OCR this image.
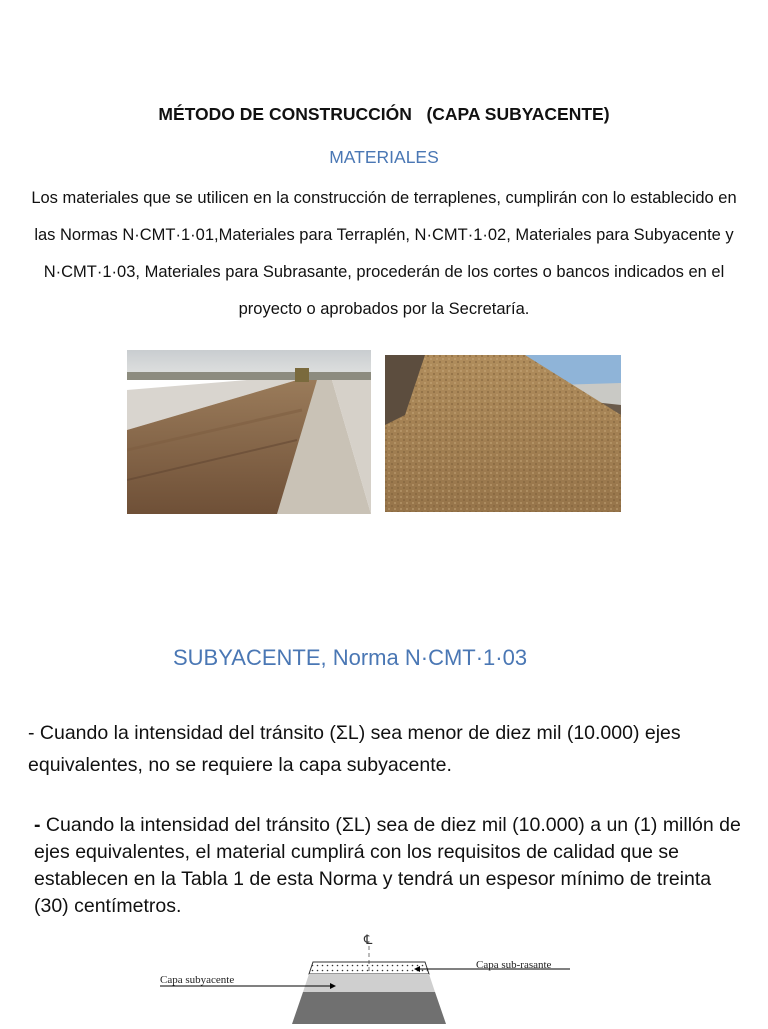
MÉTODO DE CONSTRUCCIÓN   (CAPA SUBYACENTE)
MATERIALES
Los materiales que se utilicen en la construcción de terraplenes, cumplirán con lo establecido en las Normas N·CMT·1·01,Materiales para Terraplén, N·CMT·1·02, Materiales para Subyacente y N·CMT·1·03, Materiales para Subrasante, procederán de los cortes o bancos indicados en el proyecto o aprobados por la Secretaría.
SUBYACENTE, Norma N·CMT·1·03
- Cuando la intensidad del tránsito (ΣL) sea menor de diez mil (10.000) ejes equivalentes, no se requiere la capa subyacente.
- Cuando la intensidad del tránsito (ΣL) sea de diez mil (10.000) a un (1) millón de ejes equivalentes, el material cumplirá con los requisitos de calidad que se establecen en la Tabla 1 de esta Norma y tendrá un espesor mínimo de treinta (30) centímetros.
℄
Capa subyacente
Capa sub-rasante
